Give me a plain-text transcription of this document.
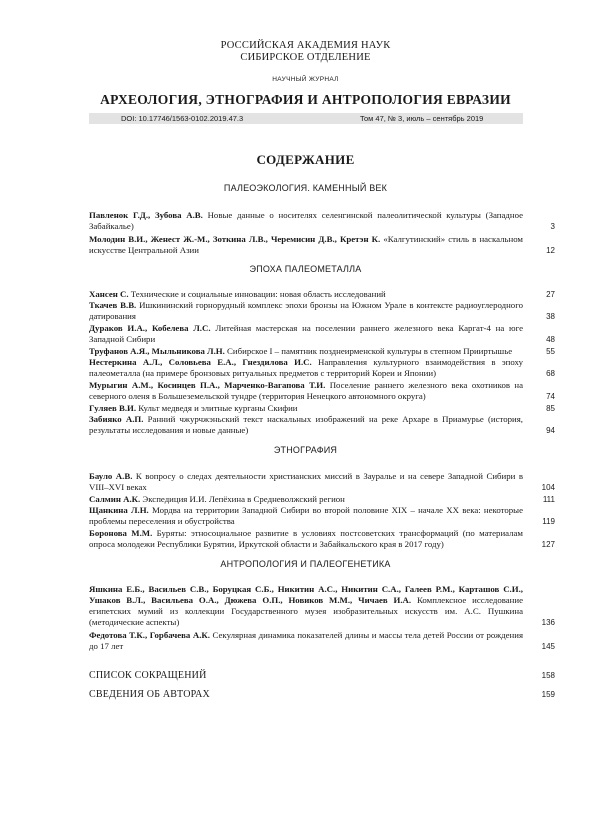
РОССИЙСКАЯ АКАДЕМИЯ НАУК
СИБИРСКОЕ ОТДЕЛЕНИЕ
НАУЧНЫЙ ЖУРНАЛ
АРХЕОЛОГИЯ, ЭТНОГРАФИЯ И АНТРОПОЛОГИЯ ЕВРАЗИИ
DOI: 10.17746/1563-0102.2019.47.3	Том 47, № 3, июль – сентябрь 2019
СОДЕРЖАНИЕ
ПАЛЕОЭКОЛОГИЯ. КАМЕННЫЙ ВЕК
Павленок Г.Д., Зубова А.В. Новые данные о носителях селенгинской палеолитической культуры (Западное Забайкалье)	3
Молодин В.И., Женест Ж.-М., Зоткина Л.В., Черемисин Д.В., Кретэн К. «Калгутинский» стиль в наскальном искусстве Центральной Азии	12
ЭПОХА ПАЛЕОМЕТАЛЛА
Хансен С. Технические и социальные инновации: новая область исследований	27
Ткачев В.В. Ишкининский горнорудный комплекс эпохи бронзы на Южном Урале в контексте радиоуглеродного датирования	38
Дураков И.А., Кобелева Л.С. Литейная мастерская на поселении раннего железного века Каргат-4 на юге Западной Сибири	48
Труфанов А.Я., Мыльникова Л.Н. Сибирское I – памятник позднеирменской культуры в степном Прииртышье	55
Нестеркина А.Л., Соловьева Е.А., Гнездилова И.С. Направления культурного взаимодействия в эпоху палеометалла (на примере бронзовых ритуальных предметов с территорий Кореи и Японии)	68
Мурыгин А.М., Косинцев П.А., Марченко-Вагапова Т.И. Поселение раннего железного века охотников на северного оленя в Большеземельской тундре (территория Ненецкого автономного округа)	74
Гуляев В.И. Культ медведя и элитные курганы Скифии	85
Забияко А.П. Ранний чжурчжэньский текст наскальных изображений на реке Архаре в Приамурье (история, результаты исследования и новые данные)	94
ЭТНОГРАФИЯ
Бауло А.В. К вопросу о следах деятельности христианских миссий в Зауралье и на севере Западной Сибири в VIII–XVI веках	104
Салмин А.К. Экспедиция И.И. Лепёхина в Средневолжский регион	111
Щанкина Л.Н. Мордва на территории Западной Сибири во второй половине XIX – начале XX века: некоторые проблемы переселения и обустройства	119
Боронова М.М. Буряты: этносоциальное развитие в условиях постсоветских трансформаций (по материалам опроса молодежи Республики Бурятии, Иркутской области и Забайкальского края в 2017 году)	127
АНТРОПОЛОГИЯ И ПАЛЕОГЕНЕТИКА
Яшкина Е.Б., Васильев С.В., Боруцкая С.Б., Никитин А.С., Никитин С.А., Галеев Р.М., Карташов С.И., Ушаков В.Л., Васильева О.А., Дюжева О.П., Новиков М.М., Чичаев И.А. Комплексное исследование египетских мумий из коллекции Государственного музея изобразительных искусств им. А.С. Пушкина (методические аспекты)	136
Федотова Т.К., Горбачева А.К. Секулярная динамика показателей длины и массы тела детей России от рождения до 17 лет	145
СПИСОК СОКРАЩЕНИЙ	158
СВЕДЕНИЯ ОБ АВТОРАХ	159
